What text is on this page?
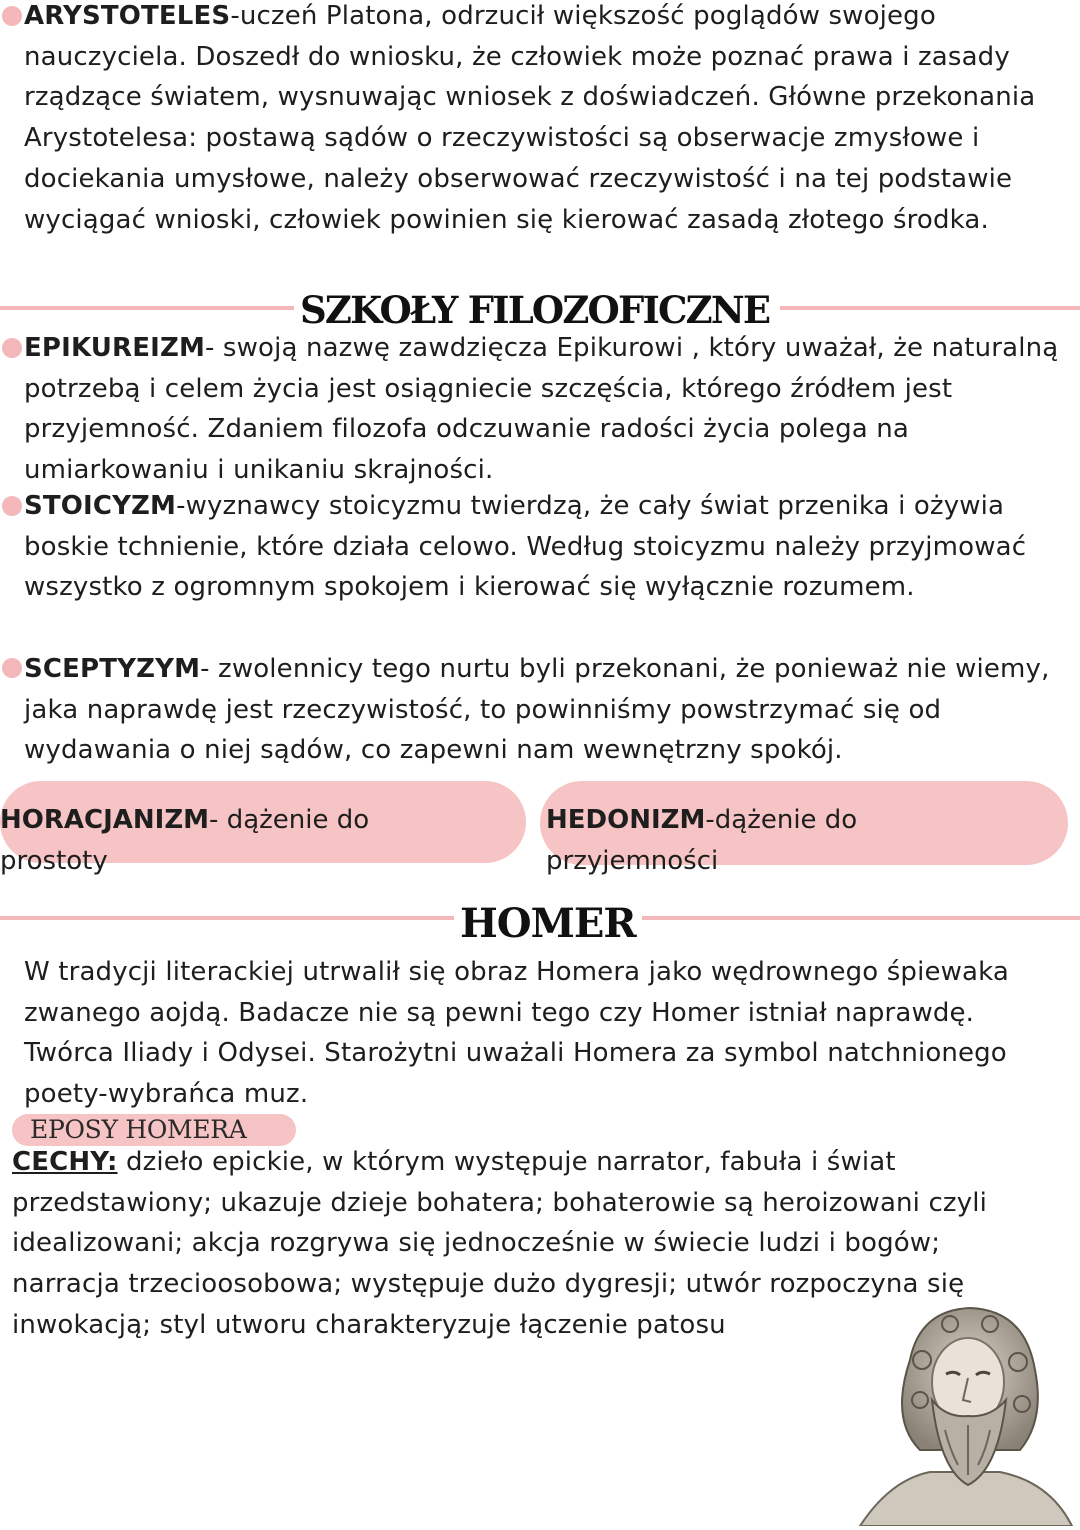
ARYSTOTELES-uczeń Platona, odrzucił większość poglądów swojego nauczyciela. Doszedł do wniosku, że człowiek może poznać prawa i zasady rządzące światem, wysnuwając wniosek z doświadczeń. Główne przekonania Arystotelesa: postawą sądów o rzeczywistości są obserwacje zmysłowe i dociekania umysłowe, należy obserwować rzeczywistość i na tej podstawie wyciągać wnioski, człowiek powinien się kierować zasadą złotego środka.

SZKOŁY FILOZOFICZNE

EPIKUREIZM- swoją nazwę zawdzięcza Epikurowi , który uważał, że naturalną potrzebą i celem życia jest osiągniecie szczęścia, którego źródłem jest przyjemność. Zdaniem filozofa odczuwanie radości życia polega na umiarkowaniu i unikaniu skrajności.

STOICYZM-wyznawcy stoicyzmu twierdzą, że cały świat przenika i ożywia boskie tchnienie, które działa celowo. Według stoicyzmu należy przyjmować wszystko z ogromnym spokojem i kierować się wyłącznie rozumem.

SCEPTYZYM- zwolennicy tego nurtu byli przekonani, że ponieważ nie wiemy, jaka naprawdę jest rzeczywistość, to powinniśmy powstrzymać się od wydawania o niej sądów, co zapewni nam wewnętrzny spokój.

HORACJANIZM- dążenie do

prostoty

HEDONIZM-dążenie do

przyjemności

HOMER

W tradycji literackiej utrwalił się obraz Homera jako wędrownego śpiewaka zwanego aojdą. Badacze nie są pewni tego czy Homer istniał naprawdę. Twórca Iliady i Odysei. Starożytni uważali Homera za symbol natchnionego poety-wybrańca muz.

EPOSY HOMERA

CECHY: dzieło epickie, w którym występuje narrator, fabuła i świat przedstawiony; ukazuje dzieje bohatera; bohaterowie są heroizowani czyli idealizowani; akcja rozgrywa się jednocześnie w świecie ludzi i bogów; narracja trzecioosobowa; występuje dużo dygresji; utwór rozpoczyna się inwokacją; styl utworu charakteryzuje łączenie patosu
